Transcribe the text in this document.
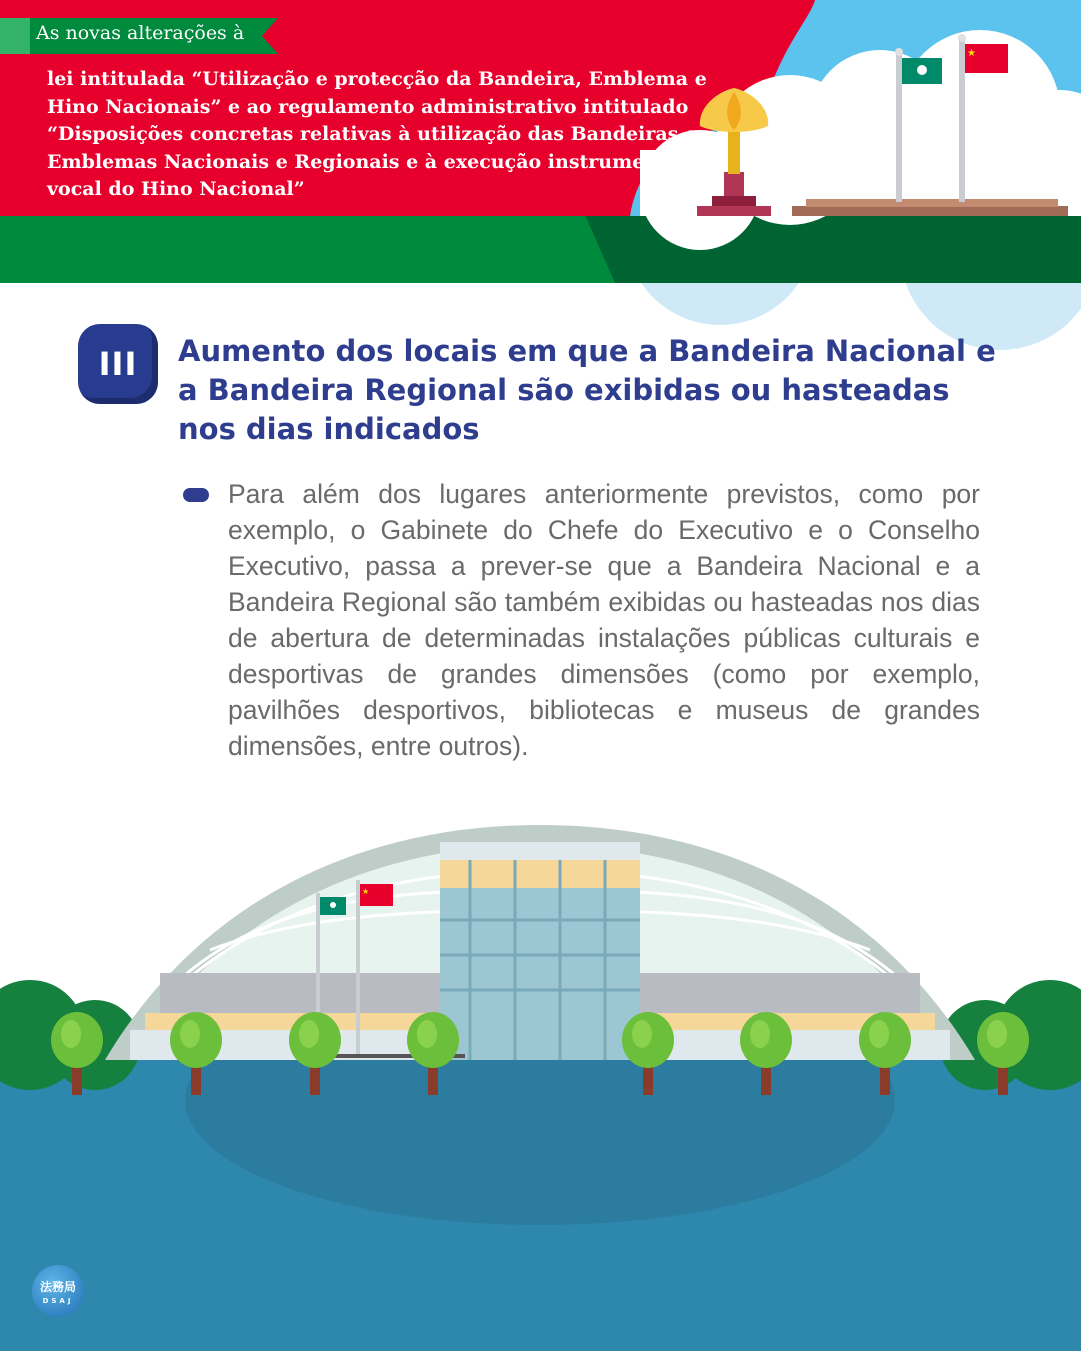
★
★
As novas alterações à
lei intitulada “Utilização e protecção da Bandeira, Emblema e Hino Nacionais” e ao regulamento administrativo intitulado “Disposições concretas relativas à utilização das Bandeiras e Emblemas Nacionais e Regionais e à execução instrumental e vocal do Hino Nacional”
III	Aumento dos locais em que a Bandeira Nacional e a Bandeira Regional são exibidas ou hasteadas nos dias indicados
Para além dos lugares anteriormente previstos, como por exemplo, o Gabinete do Chefe do Executivo e o Conselho Executivo, passa a prever-se que a Bandeira Nacional e a Bandeira Regional são também exibidas ou hasteadas nos dias de abertura de determinadas instalações públicas culturais e desportivas de grandes dimensões (como por exemplo, pavilhões desportivos, bibliotecas e museus de grandes dimensões, entre outros).
法務局
DSAJ
